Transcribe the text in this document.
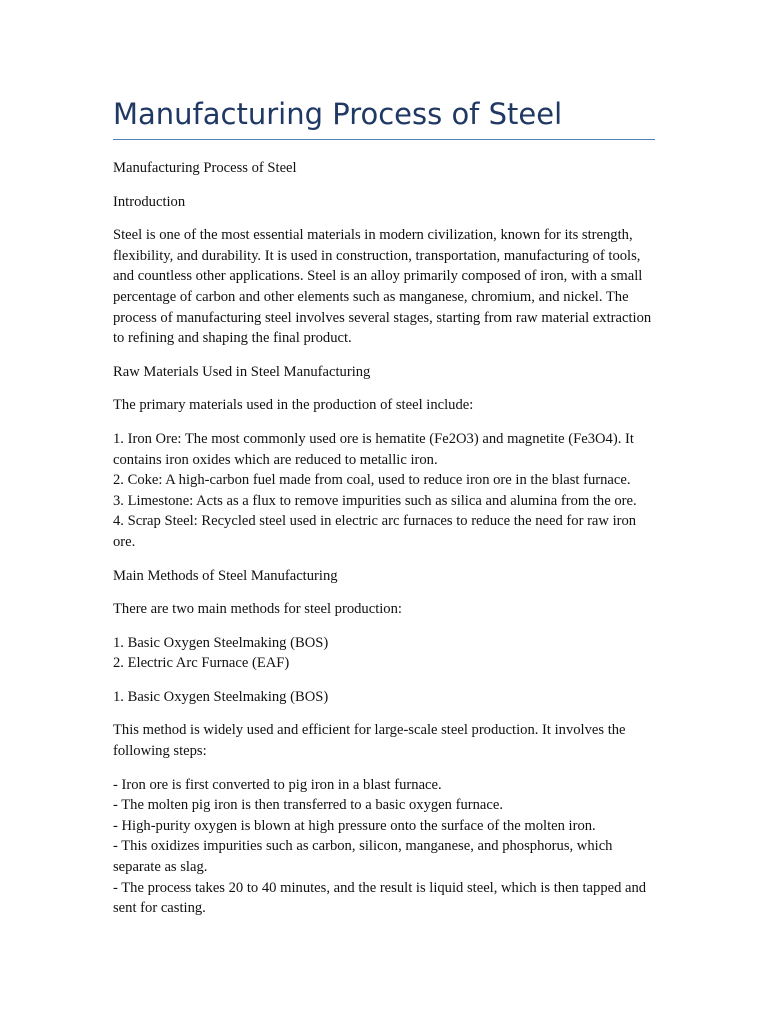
Manufacturing Process of Steel

Manufacturing Process of Steel

Introduction

Steel is one of the most essential materials in modern civilization, known for its strength, flexibility, and durability. It is used in construction, transportation, manufacturing of tools, and countless other applications. Steel is an alloy primarily composed of iron, with a small percentage of carbon and other elements such as manganese, chromium, and nickel. The process of manufacturing steel involves several stages, starting from raw material extraction to refining and shaping the final product.

Raw Materials Used in Steel Manufacturing

The primary materials used in the production of steel include:

1. Iron Ore: The most commonly used ore is hematite (Fe2O3) and magnetite (Fe3O4). It contains iron oxides which are reduced to metallic iron.
2. Coke: A high-carbon fuel made from coal, used to reduce iron ore in the blast furnace.
3. Limestone: Acts as a flux to remove impurities such as silica and alumina from the ore.
4. Scrap Steel: Recycled steel used in electric arc furnaces to reduce the need for raw iron ore.

Main Methods of Steel Manufacturing

There are two main methods for steel production:

1. Basic Oxygen Steelmaking (BOS)
2. Electric Arc Furnace (EAF)

1. Basic Oxygen Steelmaking (BOS)

This method is widely used and efficient for large-scale steel production. It involves the following steps:

- Iron ore is first converted to pig iron in a blast furnace.
- The molten pig iron is then transferred to a basic oxygen furnace.
- High-purity oxygen is blown at high pressure onto the surface of the molten iron.
- This oxidizes impurities such as carbon, silicon, manganese, and phosphorus, which separate as slag.
- The process takes 20 to 40 minutes, and the result is liquid steel, which is then tapped and sent for casting.
